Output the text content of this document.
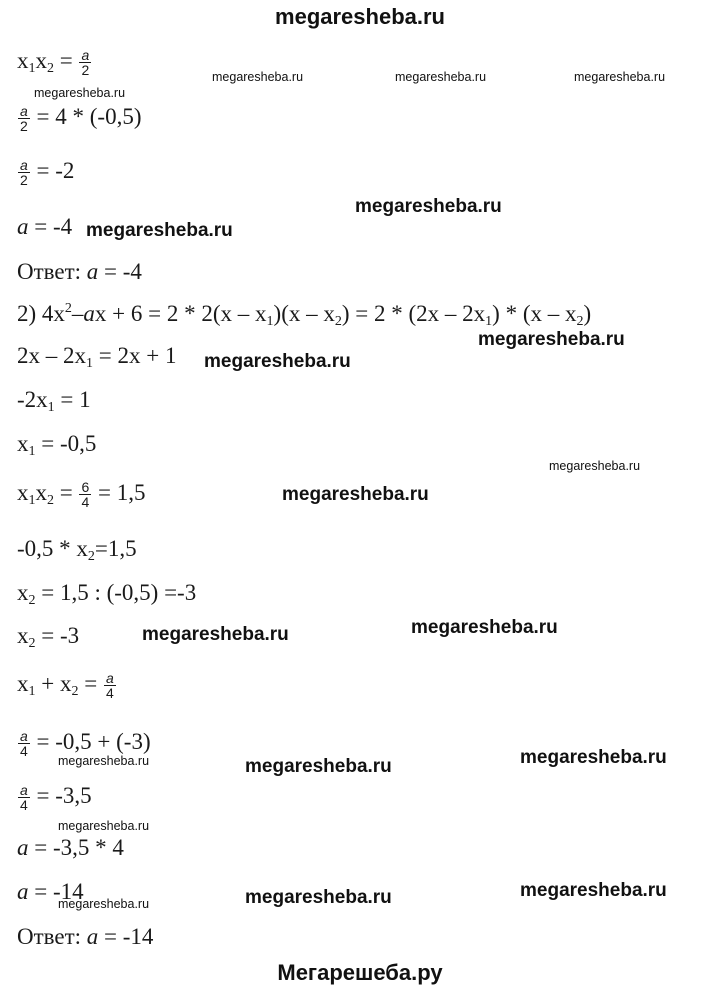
megaresheba.ru
Мегарешеба.ру
megaresheba.ru	megaresheba.ru	megaresheba.ru
megaresheba.ru
megaresheba.ru
megaresheba.ru
megaresheba.ru
megaresheba.ru
megaresheba.ru
megaresheba.ru
megaresheba.ru
megaresheba.ru
megaresheba.ru
megaresheba.ru	megaresheba.ru
megaresheba.ru
megaresheba.ru
megaresheba.ru
megaresheba.ru
$x_1x_2 = \frac{a}{2}$
$\frac{a}{2} = 4 * (-0,5)$
$\frac{a}{2} = -2$
a = -4
Ответ: a = -4
2) $4x^2-ax + 6 = 2 * 2(x - x_1)(x - x_2) = 2 * (2x - 2x_1) * (x - x_2)$
$2x - 2x_1 = 2x + 1$
$-2x_1 = 1$
$x_1 = -0,5$
$x_1x_2 = \frac{6}{4} = 1,5$
$-0,5 * x_2=1,5$
$x_2 = 1,5$ : (-0,5) =-3
$x_2 = -3$
$x_1 + x_2 = \frac{a}{4}$
$\frac{a}{4} = -0,5 + (-3)$
$\frac{a}{4} = -3,5$
a = -3,5 * 4
a = -14
Ответ: a = -14
